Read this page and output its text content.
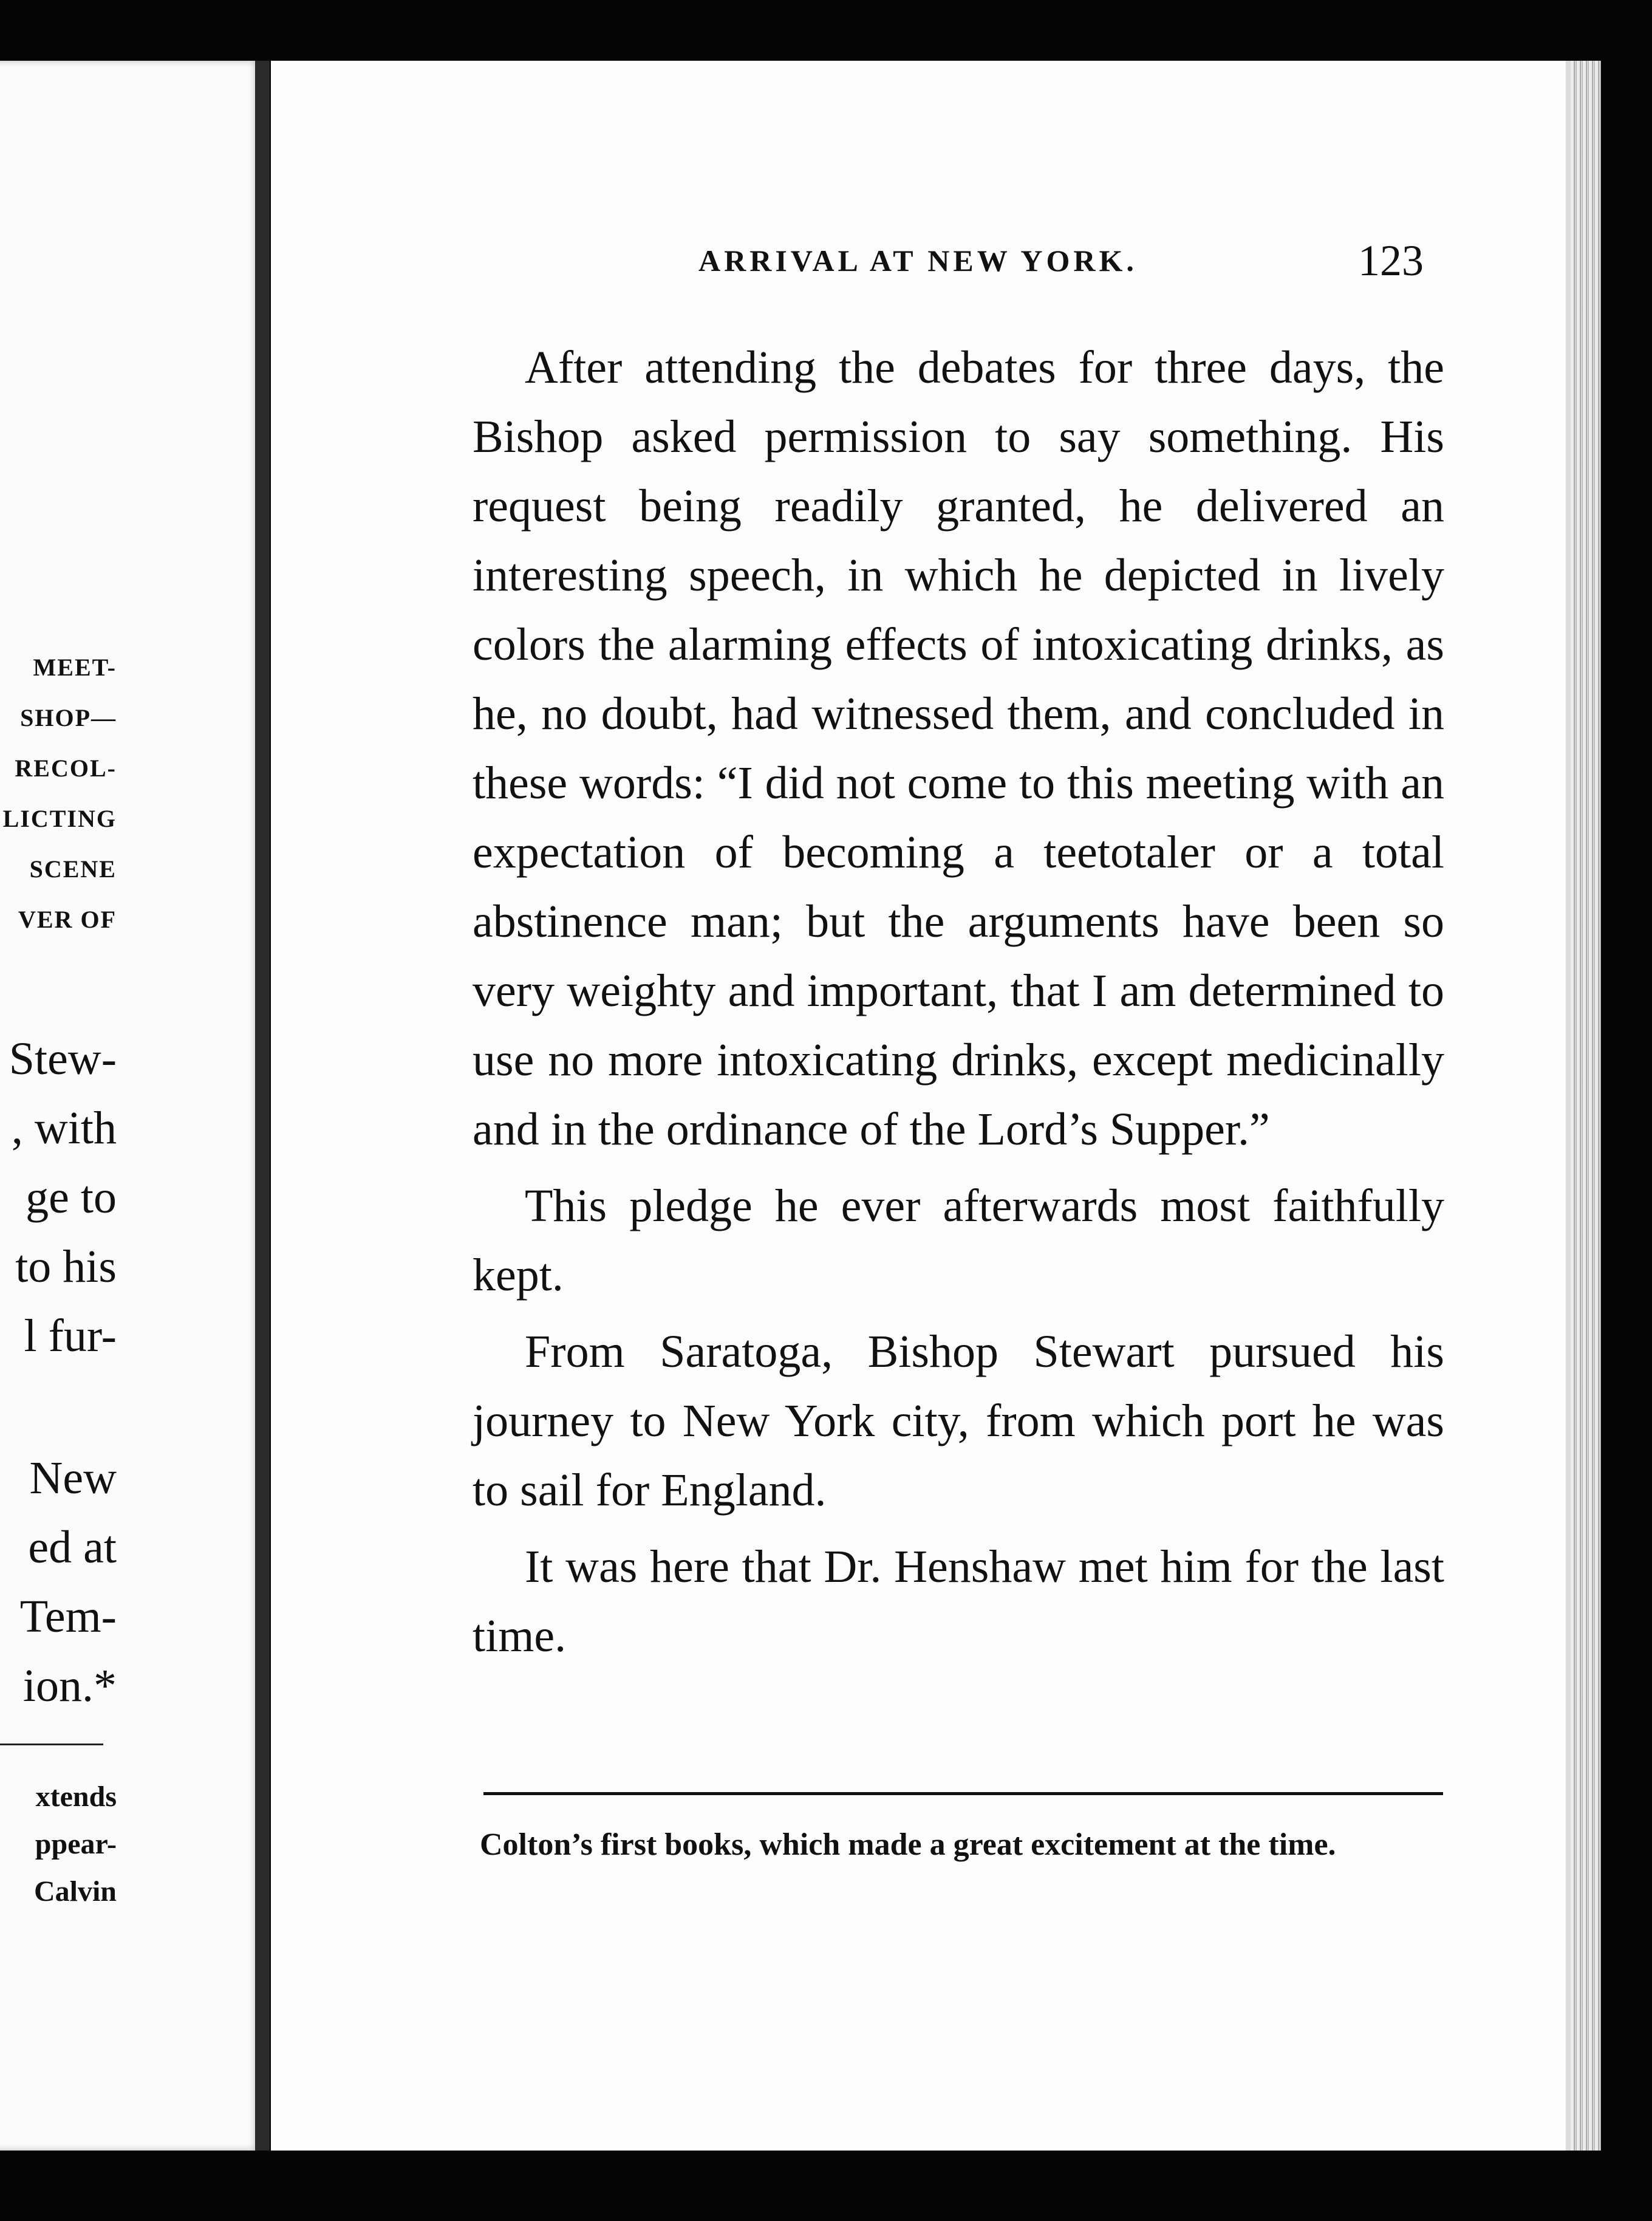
MEET-
SHOP—
RECOL-
LICTING
SCENE
VER OF
Stew-
, with
ge to
to his
l fur-
New
ed at
Tem-
ion.*
xtends
ppear-
Calvin
ARRIVAL AT NEW YORK.	123

After attending the debates for three days, the Bishop asked permission to say something. His request being readily granted, he delivered an interesting speech, in which he depicted in lively colors the alarming effects of intoxicating drinks, as he, no doubt, had witnessed them, and concluded in these words: “I did not come to this meeting with an expectation of becoming a teetotaler or a total abstinence man; but the arguments have been so very weighty and important, that I am determined to use no more intoxicating drinks, except medicinally and in the ordinance of the Lord’s Supper.”

This pledge he ever afterwards most faithfully kept.

From Saratoga, Bishop Stewart pursued his journey to New York city, from which port he was to sail for England.

It was here that Dr. Henshaw met him for the last time.

Colton’s first books, which made a great excitement at the time.
